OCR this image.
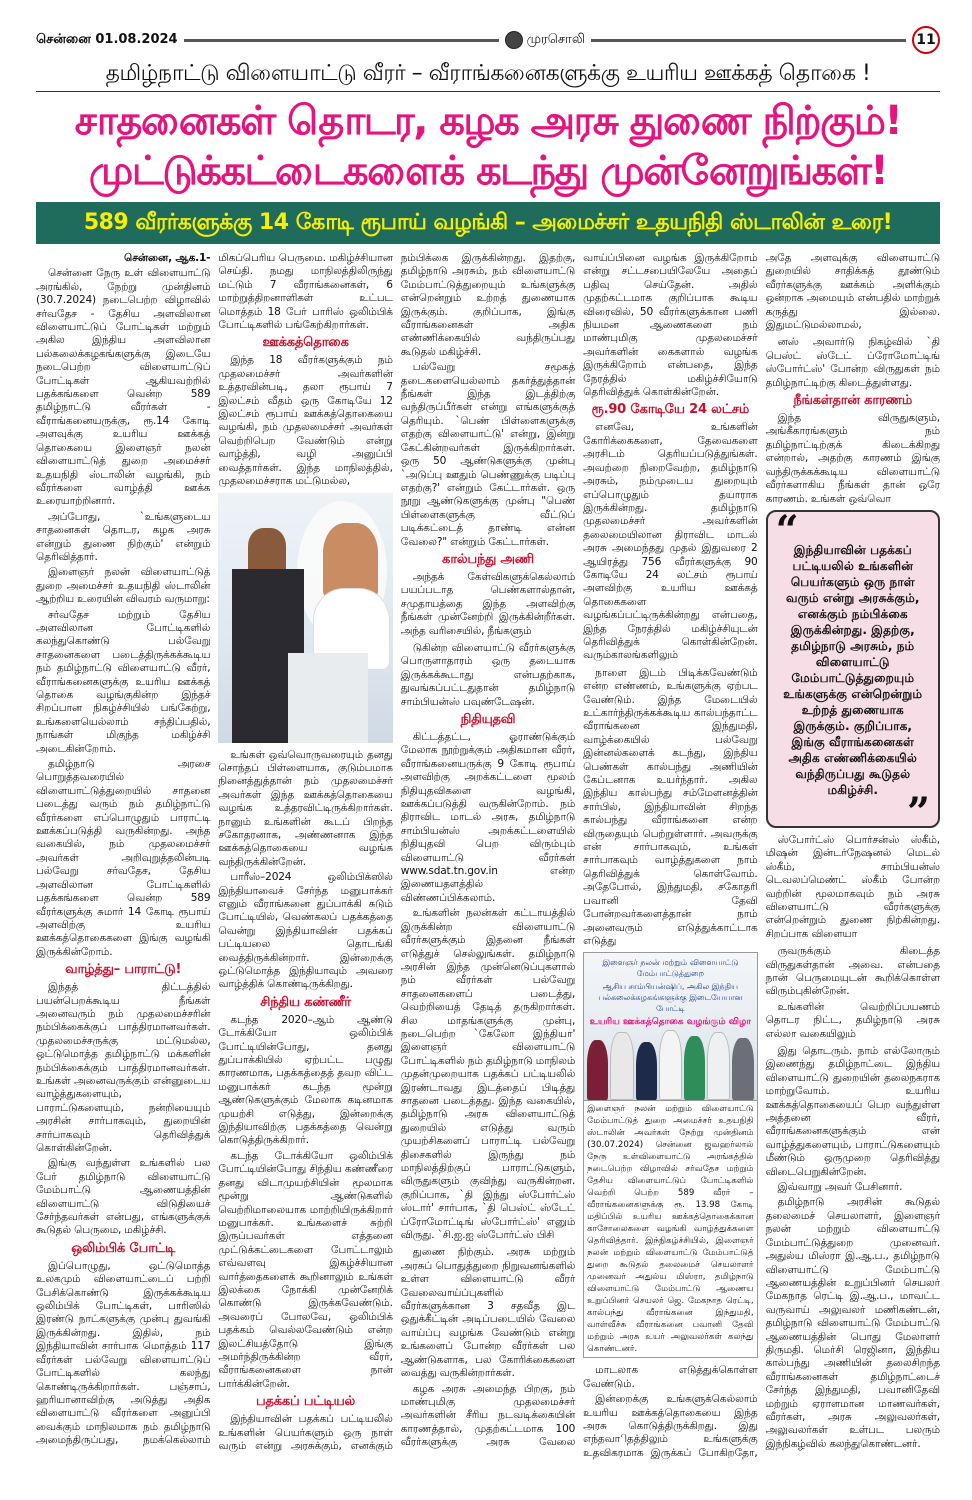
சென்னை 01.08.2024	முரசொலி	11
தமிழ்நாட்டு விளையாட்டு வீரர் – வீராங்கனைகளுக்கு உயரிய ஊக்கத் தொகை !
சாதனைகள் தொடர, கழக அரசு துணை நிற்கும்!
முட்டுக்கட்டைகளைக் கடந்து முன்னேறுங்கள்!
589 வீரர்களுக்கு 14 கோடி ரூபாய் வழங்கி – அமைச்சர் உதயநிதி ஸ்டாலின் உரை!

சென்னை, ஆக.1-

சென்னை நேரு உள் விளையாட்டு அரங்கில், நேற்று முன்தினம் (30.7.2024) நடைபெற்ற விழாவில் சர்வதேச - தேசிய அளவிலான விளையாட்டுப் போட்டிகள் மற்றும் அகில இந்திய அளவிலான பல்கலைக்கழகங்களுக்கு இடையே நடைபெற்ற விளையாட்டுப் போட்டிகள் ஆகியவற்றில் பதக்கங்களை வென்ற 589 தமிழ்நாட்டு வீரர்கள் - வீராங்கனையருக்கு, ரூ.14 கோடி அளவுக்கு உயரிய ஊக்கத் தொகையை இளைஞர் நலன் விளையாட்டுத் துறை அமைச்சர் உதயநிதி ஸ்டாலின் வழங்கி, நம் வீரர்களை வாழ்த்தி ஊக்க உரையாற்றினார்.

அப்போது, `உங்களுடைய சாதனைகள் தொடர, கழக அரசு என்றும் துணை நிற்கும்' என்றும் தெரிவித்தார்.

இளைஞர் நலன் விளையாட்டுத் துறை அமைச்சர் உதயநிதி ஸ்டாலின் ஆற்றிய உரையின் விவரம் வருமாறு:

சர்வதேச மற்றும் தேசிய அளவிலான போட்டிகளில் கலந்துகொண்டு பல்வேறு சாதனைகளை படைத்திருக்கக்கூடிய நம் தமிழ்நாட்டு விளையாட்டு வீரர், வீராங்கனைகளுக்கு உயரிய ஊக்கத் தொகை வழங்குகின்ற இந்தச் சிறப்பான நிகழ்ச்சியில் பங்கேற்று, உங்களையெல்லாம் சந்திப்பதில், நாங்கள் மிகுந்த மகிழ்ச்சி அடைகின்றோம்.

தமிழ்நாடு அரசை பொறுத்தவரையில் விளையாட்டுத்துறையில் சாதனை படைத்து வரும் நம் தமிழ்நாட்டு வீரர்களை எப்பொழுதும் பாராட்டி ஊக்கப்படுத்தி வருகின்றது. அந்த வகையில், நம் முதலமைச்சர் அவர்கள் அறிவுறுத்தலின்படி பல்வேறு சர்வதேச, தேசிய அளவிலான போட்டிகளில் பதக்கங்களை வென்ற 589 வீரர்களுக்கு சுமார் 14 கோடி ரூபாய் அளவிற்கு உயரிய ஊக்கத்தொகைகளை இங்கு வழங்கி இருக்கின்றோம்.

வாழ்த்து– பாராட்டு!

இந்தத் திட்டத்தில் பயன்பெறக்கூடிய நீங்கள் அனைவரும் நம் முதலமைச்சரின் நம்பிக்கைக்குப் பாத்திரமானவர்கள். முதலமைச்சருக்கு மட்டுமல்ல, ஒட்டுமொத்த தமிழ்நாட்டு மக்களின் நம்பிக்கைக்கும் பாத்திரமானவர்கள். உங்கள் அனைவருக்கும் என்னுடைய வாழ்த்துகளையும், பாராட்டுகளையும், நன்றியையும் அரசின் சார்பாகவும், துறையின் சார்பாகவும் தெரிவித்துக் கொள்கின்றேன்.

இங்கு வந்துள்ள உங்களில் பல பேர் தமிழ்நாடு விளையாட்டு மேம்பாட்டு ஆணையத்தின் விளையாட்டு விடுதியைச் சேர்ந்தவர்கள் என்பது, எங்களுக்குக் கூடுதல் பெருமை, மகிழ்ச்சி.

ஒலிம்பிக் போட்டி

இப்பொழுது, ஒட்டுமொத்த உலகமும் விளையாட்டைப் பற்றி பேசிக்கொண்டு இருக்கக்கூடிய ஒலிம்பிக் போட்டிகள், பாரிஸில் இரண்டு நாட்களுக்கு முன்பு துவங்கி இருக்கின்றது. இதில், நம் இந்தியாவின் சார்பாக மொத்தம் 117 வீரர்கள் பல்வேறு விளையாட்டுப் போட்டிகளில் கலந்து கொண்டிருக்கிறார்கள். பஞ்சாப், ஹரியானாவிற்கு அடுத்து அதிக விளையாட்டு வீரர்களை அனுப்பி வைக்கும் மாநிலமாக நம் தமிழ்நாடு அமைந்திருப்பது, நமக்கெல்லாம் மிகப்பெரிய பெருமை. மகிழ்ச்சியான செய்தி. நமது மாநிலத்திலிருந்து மட்டும் 7 வீராங்கனைகள், 6 மாற்றுத்திறனாளிகள் உட்பட மொத்தம் 18 பேர் பாரிஸ் ஒலிம்பிக் போட்டிகளில் பங்கேற்கிறார்கள்.

ஊக்கத்தொகை

இந்த 18 வீரர்களுக்கும் நம் முதலமைச்சர் அவர்களின் உத்தரவின்படி, தலா ரூபாய் 7 இலட்சம் வீதம் ஒரு கோடியே 12 இலட்சம் ரூபாய் ஊக்கத்தொகையை வழங்கி, நம் முதலமைச்சர் அவர்கள் வெற்றிபெற வேண்டும் என்று வாழ்த்தி, வழி அனுப்பி வைத்தார்கள். இந்த மாநிலத்தில், முதலமைச்சராக மட்டுமல்ல,

உங்கள் ஒவ்வொருவரையும் தனது சொந்தப் பிள்ளையாக, குடும்பமாக நினைத்துத்தான் நம் முதலமைச்சர் அவர்கள் இந்த ஊக்கத்தொகையை வழங்க உத்தரவிட்டிருக்கிறார்கள். நானும் உங்களின் கூடப் பிறந்த சகோதரனாக, அண்ணனாக இந்த ஊக்கத்தொகையை வழங்க வந்திருக்கின்றேன்.

பாரீஸ்–2024 ஒலிம்பிக்ஸில் இந்தியாவைச் சேர்ந்த மனுபாக்கர் எனும் வீராங்கனை துப்பாக்கி சுடும் போட்டியில், வெண்கலப் பதக்கத்தை வென்று இந்தியாவின் பதக்கப் பட்டியலை தொடங்கி வைத்திருக்கின்றார். இன்றைக்கு ஒட்டுமொத்த இந்தியாவும் அவரை வாழ்த்திக் கொண்டிருக்கிறது.

சிந்திய கண்ணீர்

கடந்த 2020–ஆம் ஆண்டு டோக்கியோ ஒலிம்பிக் போட்டியின்போது, தனது துப்பாக்கியில் ஏற்பட்ட பழுது காரணமாக, பதக்கத்தைத் தவற விட்ட மனுபாக்கர் கடந்த மூன்று ஆண்டுகளுக்கும் மேலாக கடினமாக முயற்சி எடுத்து, இன்றைக்கு இந்தியாவிற்கு பதக்கத்தை வென்று கொடுத்திருக்கிறார்.

கடந்த டோக்கியோ ஒலிம்பிக் போட்டியின்போது சிந்திய கண்ணீரை தனது விடாமுயற்சியின் மூலமாக மூன்று ஆண்டுகளில் வெற்றிமாலையாக மாற்றியிருக்கிறார் மனுபாக்கர். உங்களைச் சுற்றி இருப்பவர்கள் எத்தனை முட்டுக்கட்டைகளை போட்டாலும் எவ்வளவு இகழ்ச்சியான வார்த்தைகளைக் கூறினாலும் உங்கள் இலக்கை நோக்கி முன்னேறிக் கொண்டு இருக்கவேண்டும். அவரைப் போலவே, ஒலிம்பிக் பதக்கம் வெல்லவேண்டும் என்ற இலட்சியத்தோடு இங்கு அமர்ந்திருக்கின்ற வீரர், வீராங்கனைகளை நான் பார்க்கின்றேன்.

பதக்கப் பட்டியல்

இந்தியாவின் பதக்கப் பட்டியலில் உங்களின் பெயர்களும் ஒரு நாள் வரும் என்று அரசுக்கும், எனக்கும் நம்பிக்கை இருக்கின்றது. இதற்கு, தமிழ்நாடு அரசும், நம் விளையாட்டு மேம்பாட்டுத்துறையும் உங்களுக்கு என்றென்றும் உற்றத் துணையாக இருக்கும். குறிப்பாக, இங்கு வீராங்கனைகள் அதிக எண்ணிக்கையில் வந்திருப்பது கூடுதல் மகிழ்ச்சி.

பல்வேறு சமூகத் தடைகளையெல்லாம் தகர்த்துத்தான் நீங்கள் இந்த இடத்திற்கு வந்திருப்பீர்கள் என்று எங்களுக்குத் தெரியும். `பெண் பிள்ளைகளுக்கு எதற்கு விளையாட்டு' என்று, இன்று கேட்கின்றவர்கள் இருக்கிறார்கள். ஒரு 50 ஆண்டுகளுக்கு முன்பு `அடுப்பு ஊதும் பெண்ணுக்கு படிப்பு எதற்கு?' என்றும் கேட்டார்கள். ஒரு நூறு ஆண்டுகளுக்கு முன்பு "பெண் பிள்ளைகளுக்கு வீட்டுப் படிக்கட்டைத் தாண்டி என்ன வேலை?" என்றும் கேட்டார்கள்.

கால்பந்து அணி

அந்தக் கேள்விகளுக்கெல்லாம் பயப்படாத பெண்களால்தான், சமுதாயத்தை இந்த அளவிற்கு நீங்கள் முன்னேற்றி இருக்கின்றீர்கள். அந்த வரிசையில், நீங்களும்

டுகின்ற விளையாட்டு வீரர்களுக்கு பொருளாதாரம் ஒரு தடையாக இருக்கக்கூடாது என்பதற்காக, துவங்கப்பட்டதுதான் தமிழ்நாடு சாம்பியன்ஸ் பவுண்டேஷன்.

நிதியுதவி

கிட்டத்தட்ட, ஓராண்டுக்கும் மேலாக நூற்றுக்கும் அதிகமான வீரர், வீராங்கனையருக்கு 9 கோடி ரூபாய் அளவிற்கு அறக்கட்டளை மூலம் நிதியுதவிகளை வழங்கி, ஊக்கப்படுத்தி வருகின்றோம். நம் திராவிட மாடல் அரசு, தமிழ்நாடு சாம்பியன்ஸ் அறக்கட்டளையில் நிதியுதவி பெற விரும்பும் விளையாட்டு வீரர்கள் www.sdat.tn.gov.in என்ற இணையதளத்தில் விண்ணப்பிக்கலாம்.

உங்களின் நலன்கள் கட்டாயத்தில் இருக்கின்ற விளையாட்டு வீரர்களுக்கும் இதனை நீங்கள் எடுத்துச் செல்லுங்கள். தமிழ்நாடு அரசின் இந்த முன்னெடுப்புகளால் நம் வீரர்கள் பல்வேறு சாதனைகளைப் படைத்து, வெற்றியைத் தேடித் தருகிறார்கள். சில மாதங்களுக்கு முன்பு, நடைபெற்ற `கேலோ இந்தியா' இளைஞர் விளையாட்டு போட்டிகளில் நம் தமிழ்நாடு மாநிலம் முதன்முறையாக பதக்கப் பட்டியலில் இரண்டாவது இடத்தைப் பிடித்து சாதனை படைத்தது. இந்த வகையில், தமிழ்நாடு அரசு விளையாட்டுத் துறையில் எடுத்து வரும் முயற்சிகளைப் பாராட்டி பல்வேறு திசைகளில் இருந்து நம் மாநிலத்திற்குப் பாராட்டுகளும், விருதுகளும் குவிந்து வருகின்றன. குறிப்பாக, `தி இந்து ஸ்போர்ட்ஸ் ஸ்டார்' சார்பாக, `தி பெஸ்ட் ஸ்டேட் ப்ரோமோட்டிங் ஸ்போர்ட்ஸ்' எனும் விருது. `சி.ஐ.ஐ ஸ்போர்ட்ஸ் பிசி

துணை நிற்கும். அரசு மற்றும் அரசுப் பொதுத்துறை நிறுவனங்களில் உள்ள விளையாட்டு வீரர் வேலைவாய்ப்புகளில் வீரர்களுக்கான 3 சதவீத இட ஒதுக்கீட்டின் அடிப்படையில் வேலை வாய்ப்பு வழங்க வேண்டும் என்று உங்களைப் போன்ற வீரர்கள் பல ஆண்டுகளாக, பல கோரிக்கைகளை வைத்து வருகின்றார்கள்.

கழக அரசு அமைந்த பிறகு, நம் மாண்புமிகு முதலமைச்சர் அவர்களின் சீரிய நடவடிக்கையின் காரணத்தால், முதற்கட்டமாக 100 வீரர்களுக்கு அரசு வேலை வாய்ப்பினை வழங்க இருக்கிறோம் என்று சட்டசபையிலேயே அதைப் பதிவு செய்தேன். அதில் முதற்கட்டமாக குறிப்பாக கூடிய விரைவில், 50 வீரர்களுக்கான பணி நியமன ஆணைகளை நம் மாண்புமிகு முதலமைச்சர் அவர்களின் கைகளால் வழங்க இருக்கிறோம் என்பதை, இந்த நேரத்தில் மகிழ்ச்சியோடு தெரிவித்துக் கொள்கின்றேன்.

ரூ.90 கோடியே 24 லட்சம்

எனவே, உங்களின் கோரிக்கைகளை, தேவைகளை அரசிடம் தெரியப்படுத்துங்கள். அவற்றை நிறைவேற்ற, தமிழ்நாடு அரசும், நம்முடைய துறையும் எப்பொழுதும் தயாராக இருக்கின்றது. தமிழ்நாடு முதலமைச்சர் அவர்களின் தலைமையிலான திராவிட மாடல் அரசு அமைந்தது முதல் இதுவரை 2 ஆயிரத்து 756 வீரர்களுக்கு 90 கோடியே 24 லட்சம் ரூபாய் அளவிற்கு உயரிய ஊக்கத் தொகைகளை வழங்கப்பட்டிருக்கின்றது என்பதை, இந்த நேரத்தில் மகிழ்ச்சியுடன் தெரிவித்துக் கொள்கின்றேன். வரும்காலங்களிலும்

நாளை இடம் பிடிக்கவேண்டும் என்ற எண்ணம், உங்களுக்கு ஏற்பட வேண்டும். இந்த மேடையில் உட்கார்ந்திருக்கக்கூடிய கால்பந்தாட்ட வீராங்கனை இந்துமதி, வாழ்க்கையில் பல்வேறு இன்னல்களைக் கடந்து, இந்திய பெண்கள் கால்பந்து அணியின் கேப்டனாக உயர்ந்தார். அகில இந்திய கால்பந்து சம்மேளனத்தின் சார்பில், இந்தியாவின் சிறந்த கால்பந்து வீராங்கனை என்ற விருதையும் பெற்றுள்ளார். அவருக்கு என் சார்பாகவும், உங்கள் சார்பாகவும் வாழ்த்துகளை நாம் தெரிவித்துக் கொள்வோம். அதேபோல், இந்துமதி, சகோதரி பவானி தேவி போன்றவர்களைத்தான் நாம் அனைவரும் எடுத்துக்காட்டாக எடுத்து

இளைஞர் நலன் மற்றும் விளையாட்டு மேம்பாட்டுத்துறை
ஆசிய சாம்பியன்ஷிப், அகில இந்திய பல்கலைக்கழகங்களுக்கு இடையேயான போட்டி
உயரிய ஊக்கத்தொகை வழங்கும் விழா
இளைஞர் நலன் மற்றும் விளையாட்டு மேம்பாட்டுத் துறை அமைச்சர் உதயநிதி ஸ்டாலின் அவர்கள் நேற்று முன்தினம் (30.07.2024) சென்னை ஜவஹர்லால் நேரு உள்விளையாட்டு அரங்கத்தில் நடைபெற்ற விழாவில் சர்வதேச மற்றும் தேசிய விளையாட்டுப் போட்டிகளில் வெற்றி பெற்ற 589 வீரர் – வீராங்கனைகளுக்கு ரூ. 13.98 கோடி மதிப்பில் உயரிய ஊக்கத்தொகைக்கான காசோலைகளை வழங்கி வாழ்த்துக்களை தெரிவித்தார். இந்நிகழ்ச்சியில், இளைஞர் நலன் மற்றும் விளையாட்டு மேம்பாட்டுத் துறை கூடுதல் தலைமைச் செயலாளர் முனைவர் அதுல்ய மிஸ்ரா, தமிழ்நாடு விளையாட்டு மேம்பாட்டு ஆணைய உறுப்பினர் செயலர் ஜெ. மேகநாத ரெட்டி, கால்பந்து வீராங்கனை இந்துமதி, வாள்வீச்சு வீராங்கனை பவானி தேவி மற்றும் அரசு உயர் அலுவலர்கள் கலந்து கொண்டனர்.

மாடலாக எடுத்துக்கொள்ள வேண்டும்.

இன்றைக்கு உங்களுக்கெல்லாம் உயரிய ஊக்கத்தொகையை இந்த அரசு கொடுத்திருக்கிறது. இது எந்தவாிதத்திலும் உங்களுக்கு உதவிகரமாக இருக்கப் போகிறதோ, அதே அளவுக்கு விளையாட்டு துறையில் சாதிக்கத் தூண்டும் வீரர்களுக்கு ஊக்கம் அளிக்கும் ஒன்றாக அமையும் என்பதில் மாற்றுக் கருத்து இல்லை. இதுமட்டுமல்லாமல்,

னஸ் அவார்டு நிகழ்வில் `தி பெஸ்ட் ஸ்டேட் ப்ரோமோட்டிங் ஸ்போர்ட்ஸ்' போன்ற விருதுகள் நம் தமிழ்நாட்டிற்கு கிடைத்துள்ளது.

நீங்கள்தான் காரணம்

இந்த விருதுகளும், அங்கீகாரங்களும் நம் தமிழ்நாட்டிற்குக் கிடைக்கிறது என்றால், அதற்கு காரணம் இங்கு வந்திருக்கக்கூடிய விளையாட்டு வீரர்களாகிய நீங்கள் தான் ஒரே காரணம். உங்கள் ஒவ்வொ

“
இந்தியாவின் பதக்கப் பட்டியலில் உங்களின் பெயர்களும் ஒரு நாள் வரும் என்று அரசுக்கும், எனக்கும் நம்பிக்கை இருக்கின்றது. இதற்கு, தமிழ்நாடு அரசும், நம் விளையாட்டு மேம்பாட்டுத்துறையும் உங்களுக்கு என்றென்றும் உற்றத் துணையாக இருக்கும். குறிப்பாக, இங்கு வீராங்கனைகள் அதிக எண்ணிக்கையில் வந்திருப்பது கூடுதல் மகிழ்ச்சி. ”

ஸ்போர்ட்ஸ் பொர்சன்ஸ் ஸ்கீம், மிஷன் இன்டர்நேஷனல் மெடல் ஸ்கீம், சாம்பியன்ஸ் டெவலப்மெண்ட் ஸ்கீம் போன்ற வற்றின் மூலமாகவும் நம் அரசு விளையாட்டு வீரர்களுக்கு என்றென்றும் துணை நிற்கின்றது. சிறப்பாக விளையா

ருவருக்கும் கிடைத்த விருதுகள்தான் அவை. என்பதை நான் பெருமையுடன் கூறிக்கொள்ள விரும்புகின்றேன்.

உங்களின் வெற்றிப்பயணம் தொடர நிட்ட, தமிழ்நாடு அரசு எல்லா வகையிலும்

இது தொடரும். நாம் எல்லோரும் இணைந்து தமிழ்நாட்டை இந்திய விளையாட்டு துறையின் தலைநகராக மாற்றுவோம். உயரிய ஊக்கத்தொகையைப் பெற வந்துள்ள அத்தனை வீரர், வீராங்கனைகளுக்கும் என் வாழ்த்துகளையும், பாராட்டுகளையும் மீண்டும் ஒருமுறை தெரிவித்து விடைபெறுகின்றேன்.

இவ்வாறு அவர் பேசினார்.

தமிழ்நாடு அரசின் கூடுதல் தலைமைச் செயலாளர், இளைஞர் நலன் மற்றும் விளையாட்டு மேம்பாட்டுத்துறை முனைவர். அதுல்ய மிஸ்ரா இ.ஆ.ப., தமிழ்நாடு விளையாட்டு மேம்பாட்டு ஆணையத்தின் உறுப்பினர் செயலர் மேகநாத ரெட்டி இ.ஆ.ப., மாவட்ட வருவாய் அலுவலர் மணிகண்டன், தமிழ்நாடு விளையாட்டு மேம்பாட்டு ஆணையத்தின் பொது மேலாளர் திருமதி. மெர்சி ரெஜினா, இந்திய கால்பந்து அணியின் தலைசிறந்த வீராங்கனைகள் தமிழ்நாட்டைச் சேர்ந்த இந்துமதி, பவானிதேவி மற்றும் ஏராளமான மாணவர்கள், வீரர்கள், அரசு அலுவலர்கள், அலுவலர்கள் உள்பட பலரும் இந்நிகழ்வில் கலந்துகொண்டனர்.
